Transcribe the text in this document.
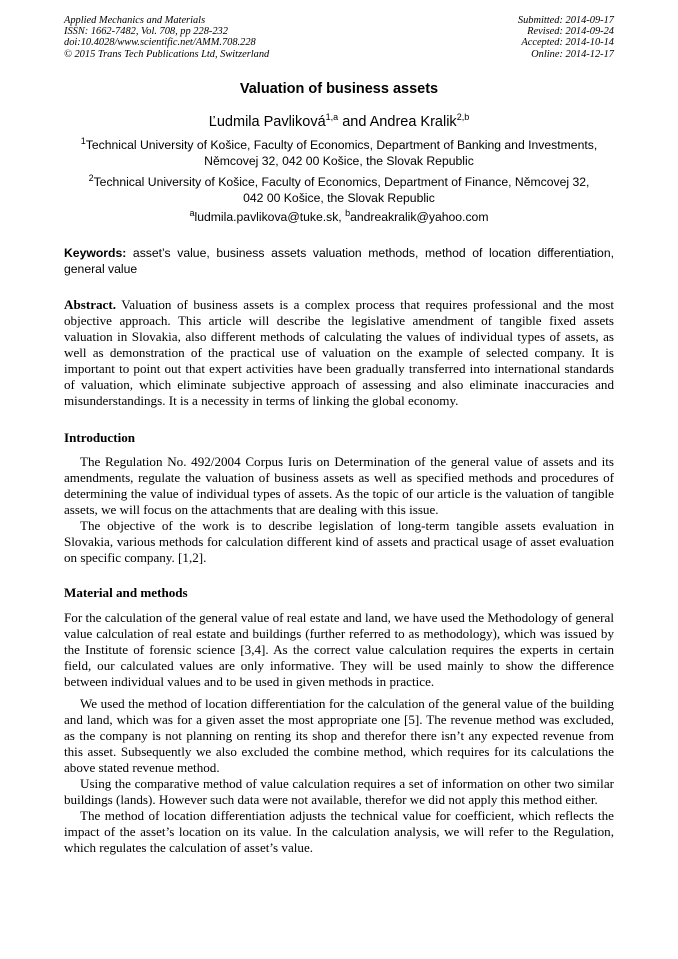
Applied Mechanics and Materials
ISSN: 1662-7482, Vol. 708, pp 228-232
doi:10.4028/www.scientific.net/AMM.708.228
© 2015 Trans Tech Publications Ltd, Switzerland
Submitted: 2014-09-17
Revised: 2014-09-24
Accepted: 2014-10-14
Online: 2014-12-17
Valuation of business assets
Ľudmila Pavliková$^{1,a}$ and Andrea Kralik$^{2,b}$
$^1$Technical University of Košice, Faculty of Economics, Department of Banking and Investments,
Němcovej 32, 042 00 Košice, the Slovak Republic
$^2$Technical University of Košice, Faculty of Economics, Department of Finance, Němcovej 32,
042 00 Košice, the Slovak Republic
$^a$ludmila.pavlikova@tuke.sk, $^b$andreakralik@yahoo.com
Keywords: asset’s value, business assets valuation methods, method of location differentiation, general value
Abstract. Valuation of business assets is a complex process that requires professional and the most objective approach. This article will describe the legislative amendment of tangible fixed assets valuation in Slovakia, also different methods of calculating the values of individual types of assets, as well as demonstration of the practical use of valuation on the example of selected company. It is important to point out that expert activities have been gradually transferred into international standards of valuation, which eliminate subjective approach of assessing and also eliminate inaccuracies and misunderstandings. It is a necessity in terms of linking the global economy.
Introduction

The Regulation No. 492/2004 Corpus Iuris on Determination of the general value of assets and its amendments, regulate the valuation of business assets as well as specified methods and procedures of determining the value of individual types of assets. As the topic of our article is the valuation of tangible assets, we will focus on the attachments that are dealing with this issue.

The objective of the work is to describe legislation of long-term tangible assets evaluation in Slovakia, various methods for calculation different kind of assets and practical usage of asset evaluation on specific company. [1,2].

Material and methods

For the calculation of the general value of real estate and land, we have used the Methodology of general value calculation of real estate and buildings (further referred to as methodology), which was issued by the Institute of forensic science [3,4]. As the correct value calculation requires the experts in certain field, our calculated values are only informative. They will be used mainly to show the difference between individual values and to be used in given methods in practice.

We used the method of location differentiation for the calculation of the general value of the building and land, which was for a given asset the most appropriate one [5]. The revenue method was excluded, as the company is not planning on renting its shop and therefor there isn’t any expected revenue from this asset. Subsequently we also excluded the combine method, which requires for its calculations the above stated revenue method.

Using the comparative method of value calculation requires a set of information on other two similar buildings (lands). However such data were not available, therefor we did not apply this method either.

The method of location differentiation adjusts the technical value for coefficient, which reflects the impact of the asset’s location on its value. In the calculation analysis, we will refer to the Regulation, which regulates the calculation of asset’s value.
